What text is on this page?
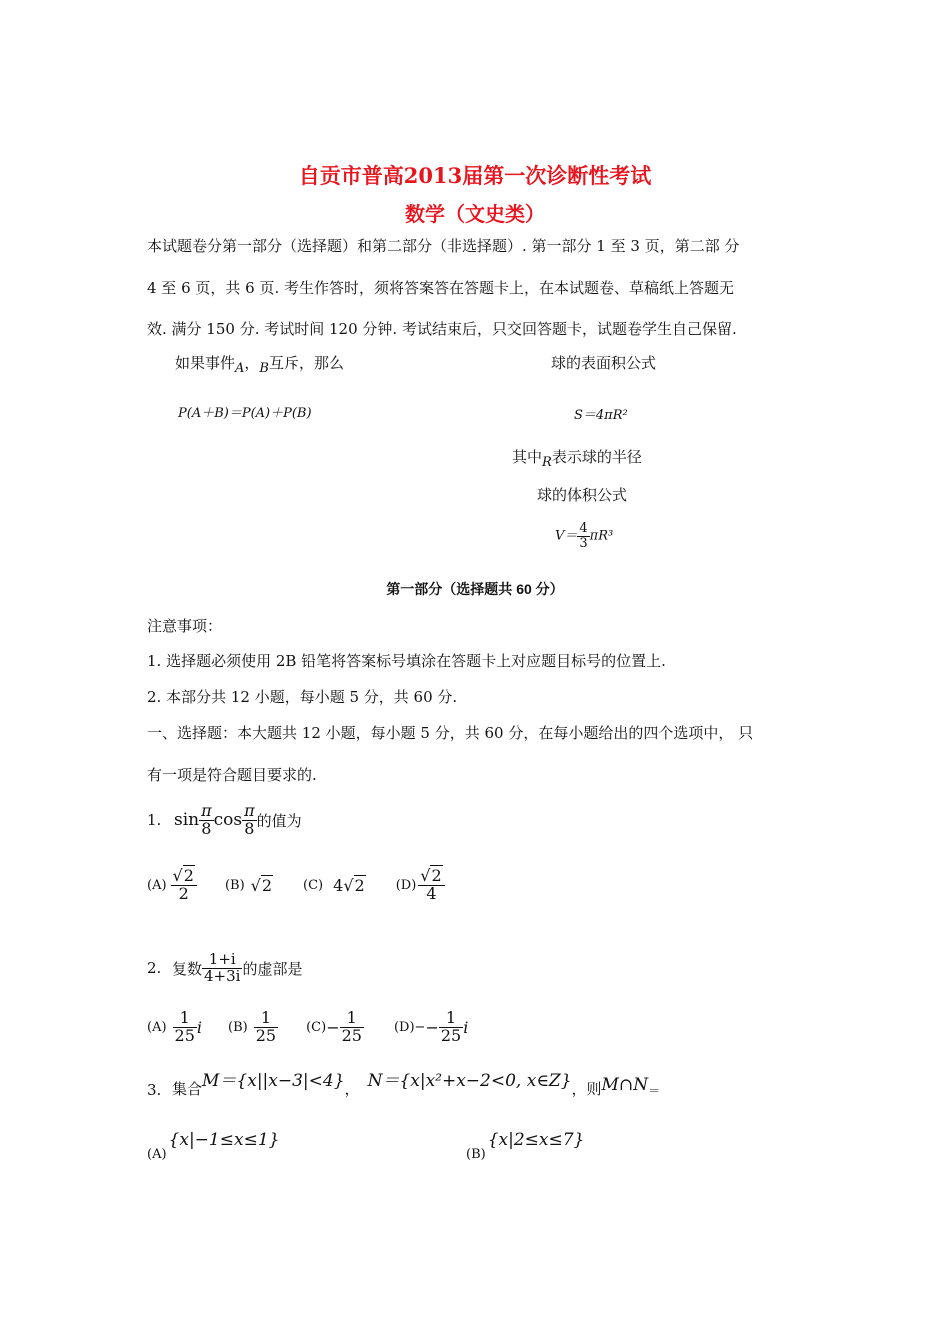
自贡市普高2013届第一次诊断性考试
数学（文史类）
本试题卷分第一部分（选择题）和第二部分（非选择题）. 第一部分 1 至 3 页，第二部 分
4 至 6 页，共 6 页. 考生作答时，须将答案答在答题卡上，在本试题卷、草稿纸上答题无
效. 满分 150 分. 考试时间 120 分钟. 考试结束后，只交回答题卡，试题卷学生自己保留.
如果事件A，B互斥，那么
P(A＋B)＝P(A)＋P(B)
球的表面积公式
S＝4πR²
其中R表示球的半径
球的体积公式
$V= \frac{4}{3} \pi R^3$
第一部分（选择题共 60 分）
注意事项：
1. 选择题必须使用 2B 铅笔将答案标号填涂在答题卡上对应题目标号的位置上.
2. 本部分共 12 小题，每小题 5 分，共 60 分.
一、选择题：本大题共 12 小题，每小题 5 分，共 60 分，在每小题给出的四个选项中， 只
有一项是符合题目要求的.
1. $\sin \frac{\pi}{8}$ $\cos \frac{\pi}{8}$ 的值为
$(A) \frac{√2}{2} (B)$ √2 (C) 4 √2 $(D) \frac{√2}{4}$
2. 复数 $\frac{1+i}{4+3i}$ 的虚部是
$(A) \frac{1}{25}$ i $(B) \frac{1}{25} (C) - \frac{1}{25} (D)$ − − $\frac{1}{25}$ i
3. 集合 M＝{x||x−3|<4} ， N＝{x|x²+x−2<0, x∈Z} ，则 M∩N ＝
(A)
{x|−1≤x≤1}
(B)
{x|2≤x≤7}
